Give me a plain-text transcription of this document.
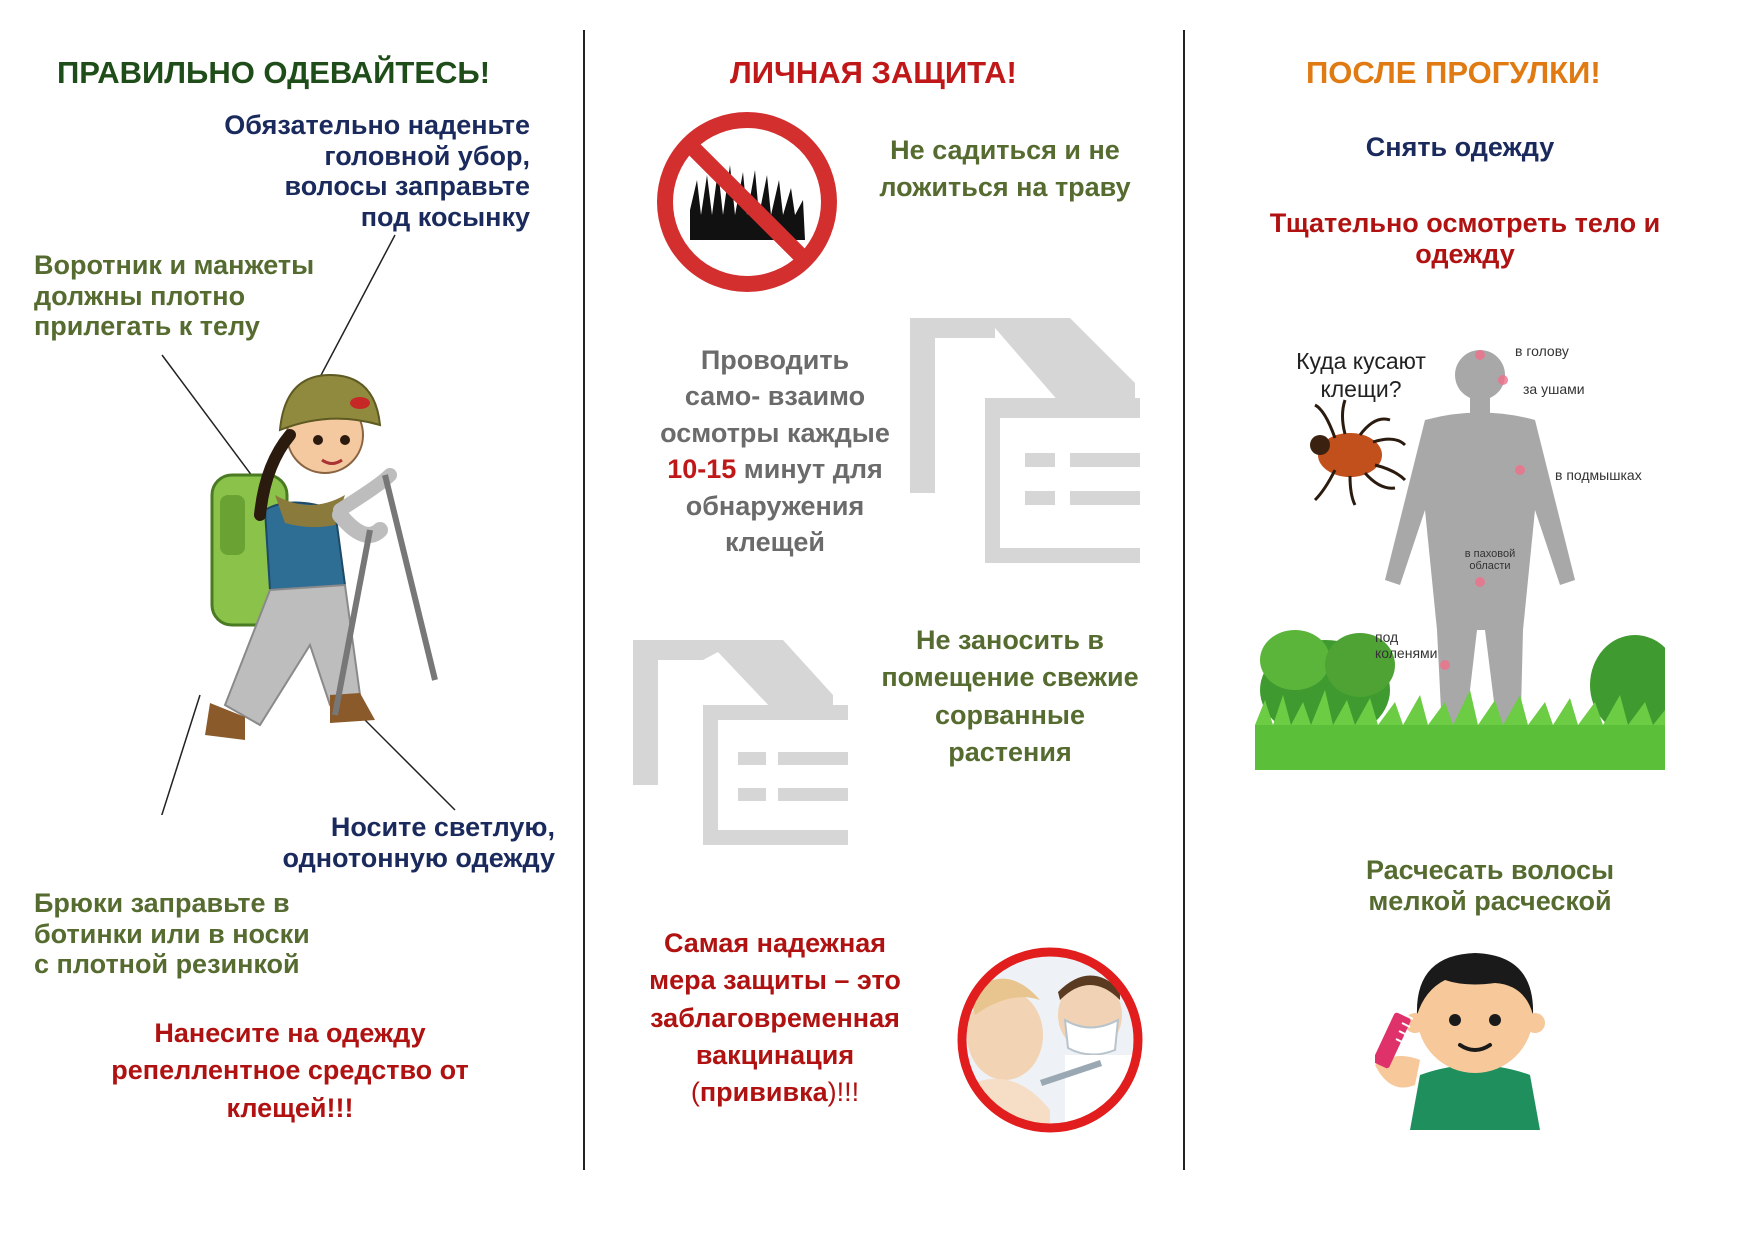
ПРАВИЛЬНО ОДЕВАЙТЕСЬ!
Обязательно наденьте
головной убор,
волосы заправьте
под косынку
Воротник и манжеты
должны плотно
прилегать к телу
Носите светлую,
однотонную одежду
Брюки заправьте в
ботинки или в носки
с плотной резинкой
Нанесите на одежду
репеллентное средство от
клещей!!!
ЛИЧНАЯ ЗАЩИТА!
Не садиться и не
ложиться на траву
Проводить
само- взаимо
осмотры каждые
10-15 минут для
обнаружения
клещей
Не заносить в
помещение свежие
сорванные
растения
Самая надежная
мера защиты – это
заблаговременная
вакцинация
(прививка)!!!
ПОСЛЕ ПРОГУЛКИ!
Снять одежду
Тщательно осмотреть тело и
одежду
Куда кусают
клещи?
в голову
за ушами
в подмышках
в паховой
области
под
коленями
Расчесать волосы
мелкой расческой
